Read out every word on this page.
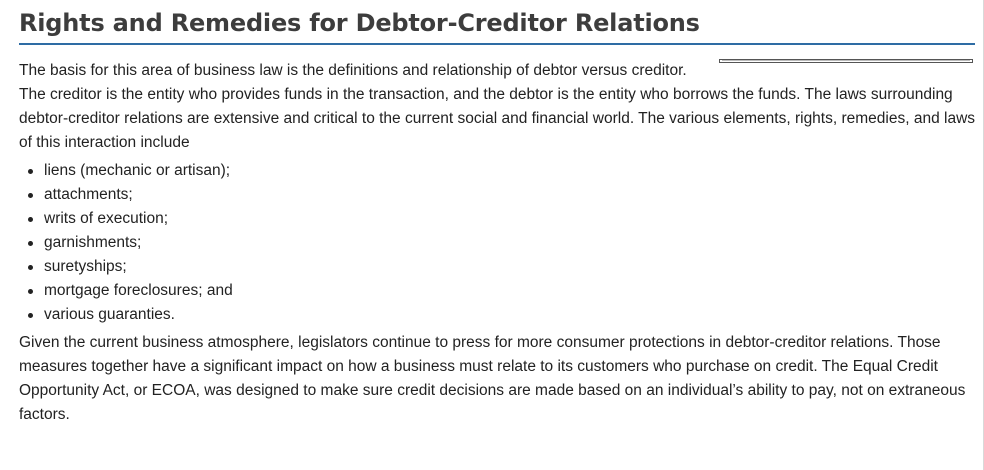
Rights and Remedies for Debtor-Creditor Relations

The basis for this area of business law is the definitions and relationship of debtor versus creditor.

The creditor is the entity who provides funds in the transaction, and the debtor is the entity who borrows the funds. The laws surrounding debtor-creditor relations are extensive and critical to the current social and financial world. The various elements, rights, remedies, and laws of this interaction include

liens (mechanic or artisan);
attachments;
writs of execution;
garnishments;
suretyships;
mortgage foreclosures; and
various guaranties.

Given the current business atmosphere, legislators continue to press for more consumer protections in debtor-creditor relations. Those measures together have a significant impact on how a business must relate to its customers who purchase on credit. The Equal Credit Opportunity Act, or ECOA, was designed to make sure credit decisions are made based on an individual’s ability to pay, not on extraneous factors.
